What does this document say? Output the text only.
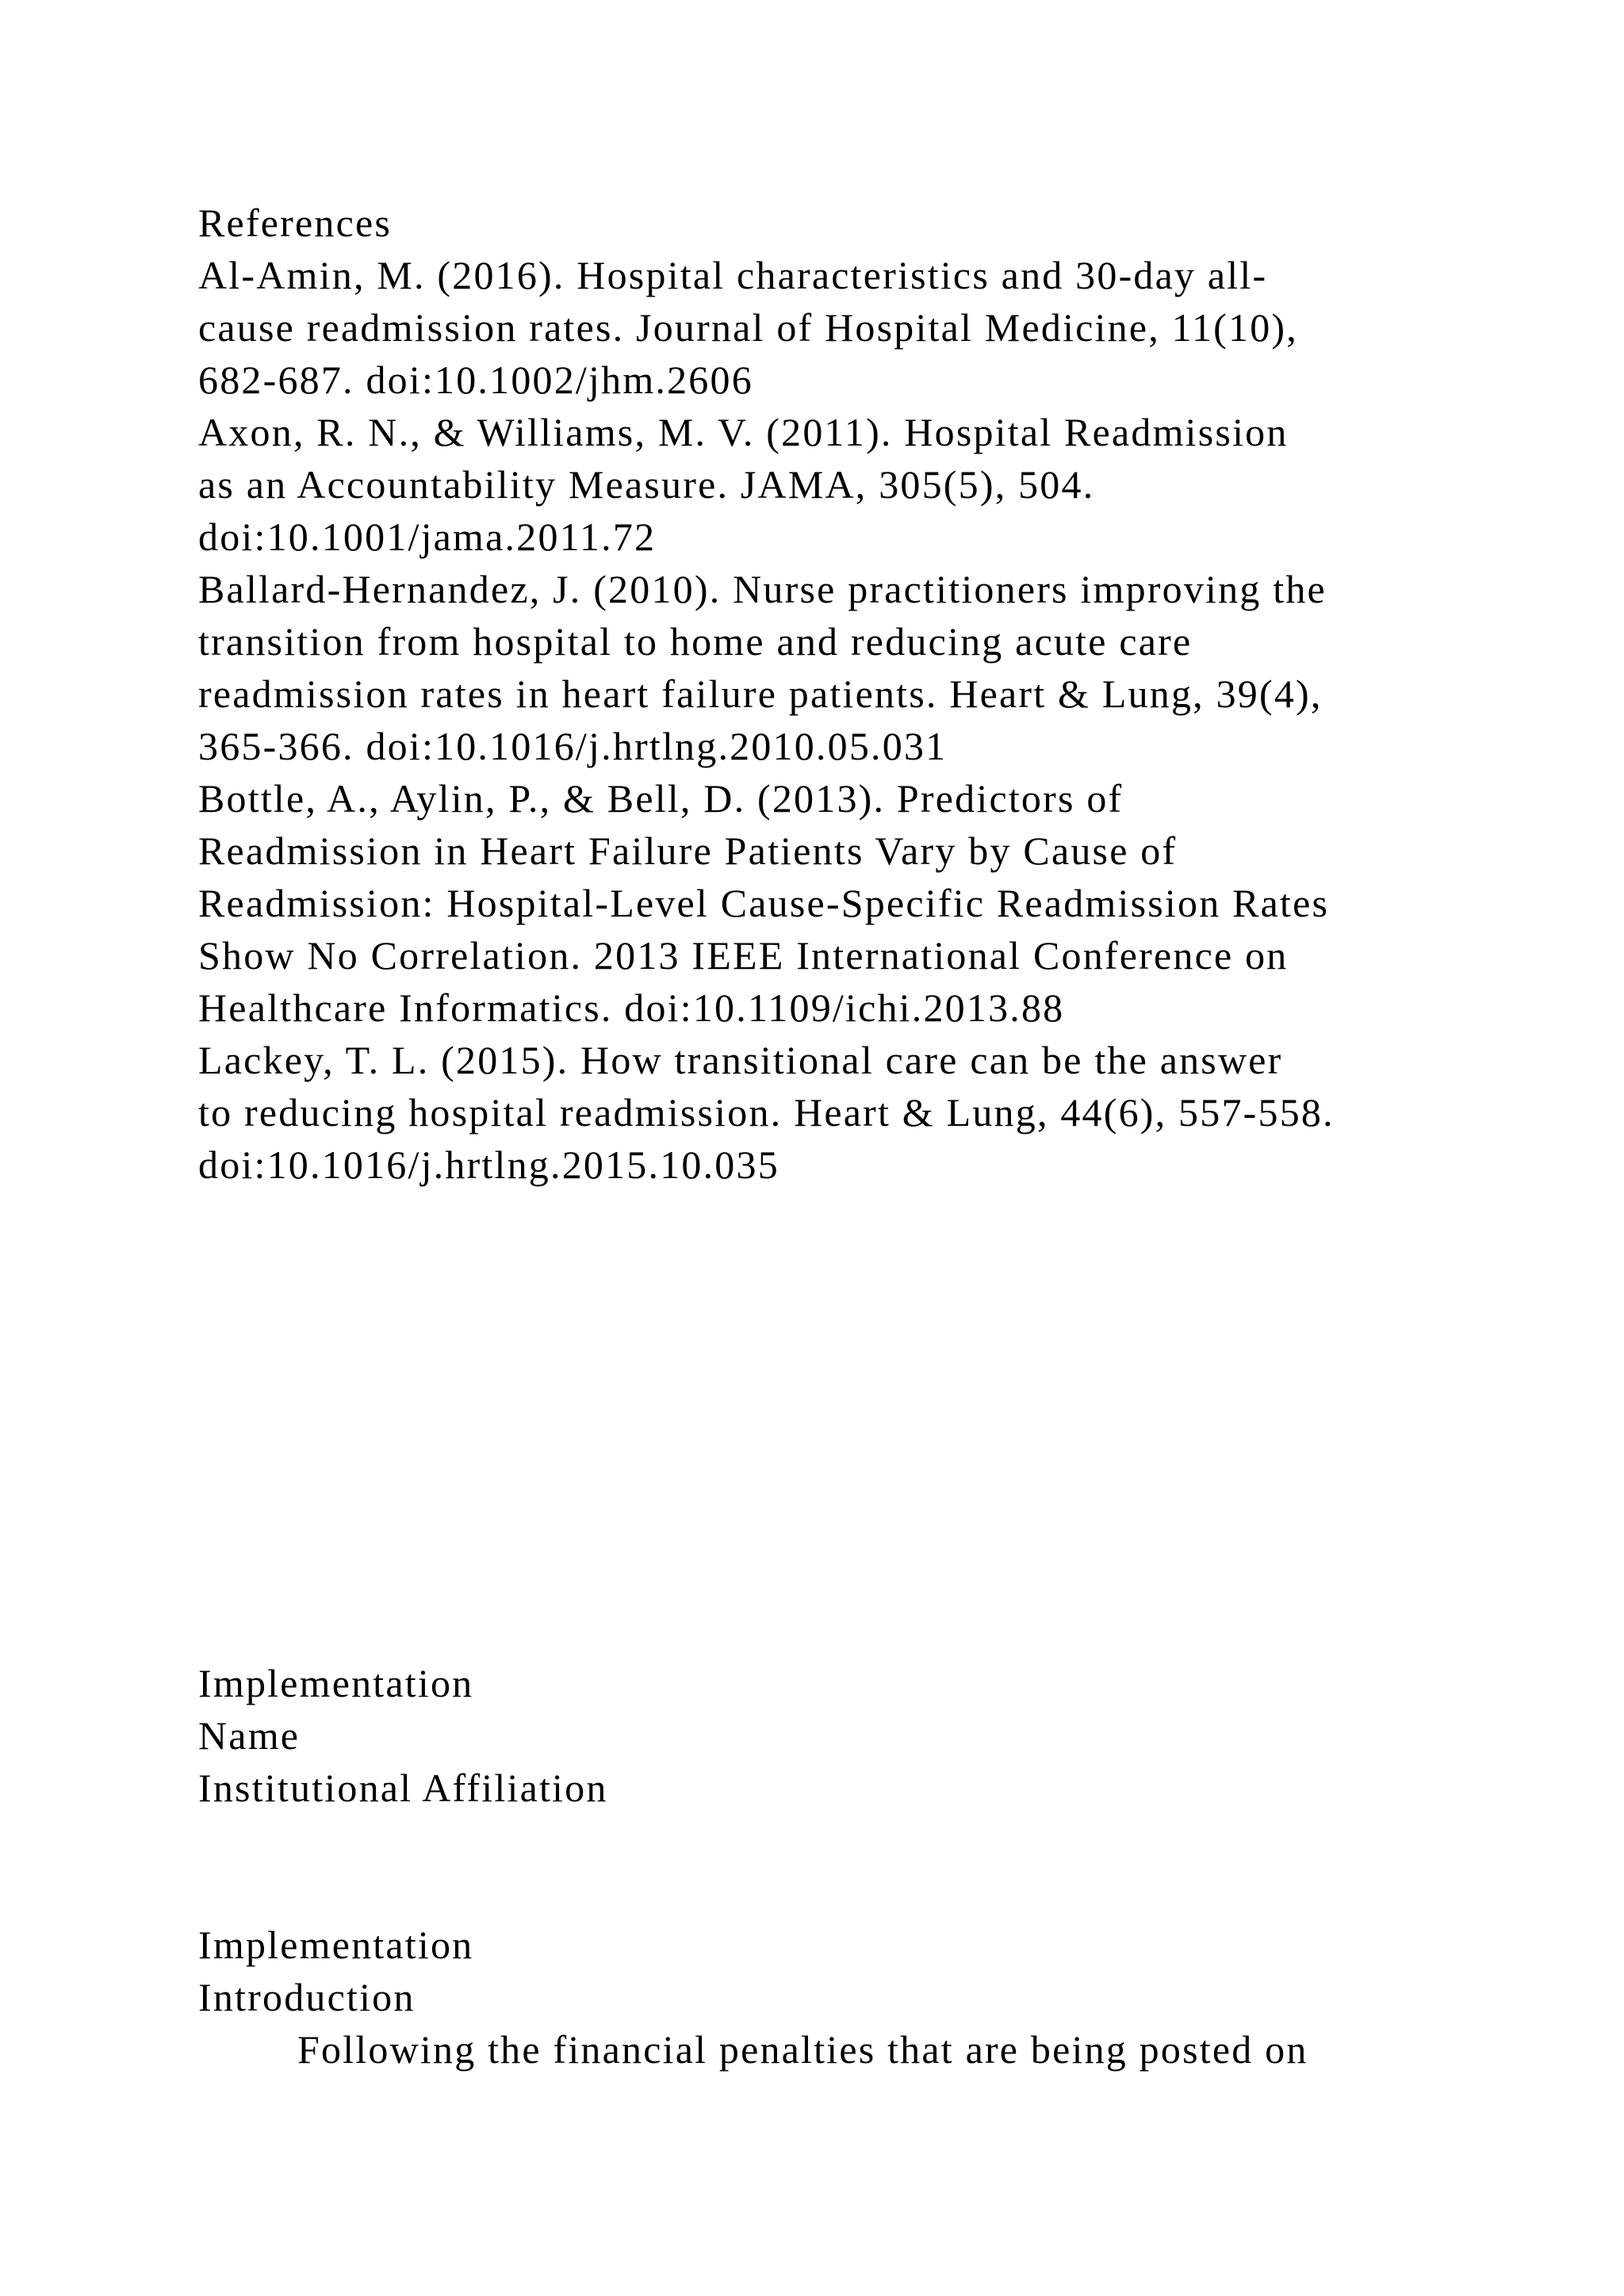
References
Al-Amin, M. (2016). Hospital characteristics and 30-day all-
cause readmission rates. Journal of Hospital Medicine, 11(10),
682-687. doi:10.1002/jhm.2606
Axon, R. N., & Williams, M. V. (2011). Hospital Readmission
as an Accountability Measure. JAMA, 305(5), 504.
doi:10.1001/jama.2011.72
Ballard-Hernandez, J. (2010). Nurse practitioners improving the
transition from hospital to home and reducing acute care
readmission rates in heart failure patients. Heart & Lung, 39(4),
365-366. doi:10.1016/j.hrtlng.2010.05.031
Bottle, A., Aylin, P., & Bell, D. (2013). Predictors of
Readmission in Heart Failure Patients Vary by Cause of
Readmission: Hospital-Level Cause-Specific Readmission Rates
Show No Correlation. 2013 IEEE International Conference on
Healthcare Informatics. doi:10.1109/ichi.2013.88
Lackey, T. L. (2015). How transitional care can be the answer
to reducing hospital readmission. Heart & Lung, 44(6), 557-558.
doi:10.1016/j.hrtlng.2015.10.035
Implementation
Name
Institutional Affiliation
Implementation
Introduction
Following the financial penalties that are being posted on
